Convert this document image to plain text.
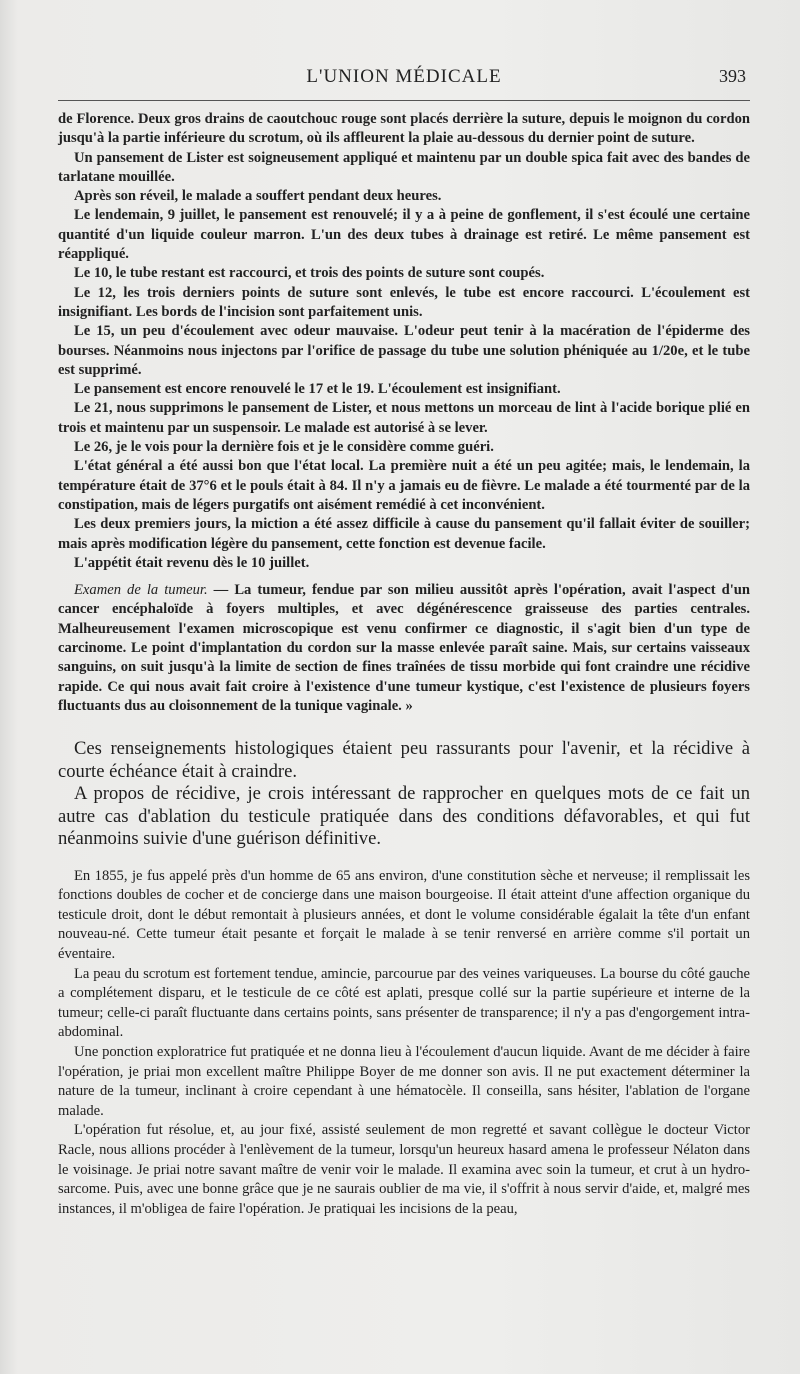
L'UNION MÉDICALE	393

de Florence. Deux gros drains de caoutchouc rouge sont placés derrière la suture, depuis le moignon du cordon jusqu'à la partie inférieure du scrotum, où ils affleurent la plaie au-dessous du dernier point de suture.

Un pansement de Lister est soigneusement appliqué et maintenu par un double spica fait avec des bandes de tarlatane mouillée.

Après son réveil, le malade a souffert pendant deux heures.

Le lendemain, 9 juillet, le pansement est renouvelé; il y a à peine de gonflement, il s'est écoulé une certaine quantité d'un liquide couleur marron. L'un des deux tubes à drainage est retiré. Le même pansement est réappliqué.

Le 10, le tube restant est raccourci, et trois des points de suture sont coupés.

Le 12, les trois derniers points de suture sont enlevés, le tube est encore raccourci. L'écoulement est insignifiant. Les bords de l'incision sont parfaitement unis.

Le 15, un peu d'écoulement avec odeur mauvaise. L'odeur peut tenir à la macération de l'épiderme des bourses. Néanmoins nous injectons par l'orifice de passage du tube une solution phéniquée au 1/20e, et le tube est supprimé.

Le pansement est encore renouvelé le 17 et le 19. L'écoulement est insignifiant.

Le 21, nous supprimons le pansement de Lister, et nous mettons un morceau de lint à l'acide borique plié en trois et maintenu par un suspensoir. Le malade est autorisé à se lever.

Le 26, je le vois pour la dernière fois et je le considère comme guéri.

L'état général a été aussi bon que l'état local. La première nuit a été un peu agitée; mais, le lendemain, la température était de 37°6 et le pouls était à 84. Il n'y a jamais eu de fièvre. Le malade a été tourmenté par de la constipation, mais de légers purgatifs ont aisément remédié à cet inconvénient.

Les deux premiers jours, la miction a été assez difficile à cause du pansement qu'il fallait éviter de souiller; mais après modification légère du pansement, cette fonction est devenue facile.

L'appétit était revenu dès le 10 juillet.

Examen de la tumeur. — La tumeur, fendue par son milieu aussitôt après l'opération, avait l'aspect d'un cancer encéphaloïde à foyers multiples, et avec dégénérescence graisseuse des parties centrales. Malheureusement l'examen microscopique est venu confirmer ce diagnostic, il s'agit bien d'un type de carcinome. Le point d'implantation du cordon sur la masse enlevée paraît saine. Mais, sur certains vaisseaux sanguins, on suit jusqu'à la limite de section de fines traînées de tissu morbide qui font craindre une récidive rapide. Ce qui nous avait fait croire à l'existence d'une tumeur kystique, c'est l'existence de plusieurs foyers fluctuants dus au cloisonnement de la tunique vaginale. »

Ces renseignements histologiques étaient peu rassurants pour l'avenir, et la récidive à courte échéance était à craindre.

A propos de récidive, je crois intéressant de rapprocher en quelques mots de ce fait un autre cas d'ablation du testicule pratiquée dans des conditions défavorables, et qui fut néanmoins suivie d'une guérison définitive.

En 1855, je fus appelé près d'un homme de 65 ans environ, d'une constitution sèche et nerveuse; il remplissait les fonctions doubles de cocher et de concierge dans une maison bourgeoise. Il était atteint d'une affection organique du testicule droit, dont le début remontait à plusieurs années, et dont le volume considérable égalait la tête d'un enfant nouveau-né. Cette tumeur était pesante et forçait le malade à se tenir renversé en arrière comme s'il portait un éventaire.

La peau du scrotum est fortement tendue, amincie, parcourue par des veines variqueuses. La bourse du côté gauche a complétement disparu, et le testicule de ce côté est aplati, presque collé sur la partie supérieure et interne de la tumeur; celle-ci paraît fluctuante dans certains points, sans présenter de transparence; il n'y a pas d'engorgement intra-abdominal.

Une ponction exploratrice fut pratiquée et ne donna lieu à l'écoulement d'aucun liquide. Avant de me décider à faire l'opération, je priai mon excellent maître Philippe Boyer de me donner son avis. Il ne put exactement déterminer la nature de la tumeur, inclinant à croire cependant à une hématocèle. Il conseilla, sans hésiter, l'ablation de l'organe malade.

L'opération fut résolue, et, au jour fixé, assisté seulement de mon regretté et savant collègue le docteur Victor Racle, nous allions procéder à l'enlèvement de la tumeur, lorsqu'un heureux hasard amena le professeur Nélaton dans le voisinage. Je priai notre savant maître de venir voir le malade. Il examina avec soin la tumeur, et crut à un hydro-sarcome. Puis, avec une bonne grâce que je ne saurais oublier de ma vie, il s'offrit à nous servir d'aide, et, malgré mes instances, il m'obligea de faire l'opération. Je pratiquai les incisions de la peau,
